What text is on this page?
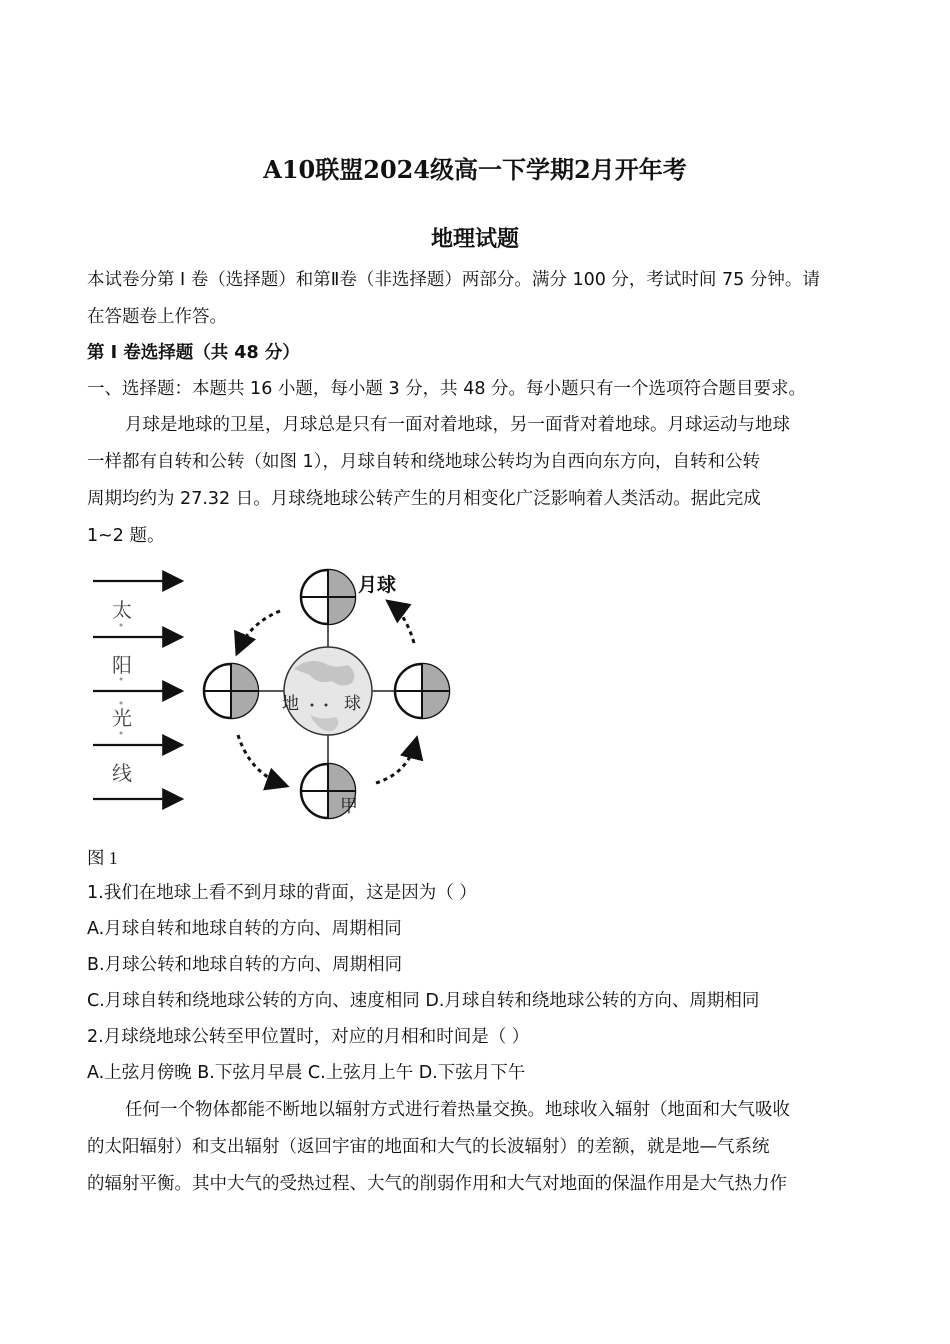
A10联盟2024级高一下学期2月开年考
地理试题
本试卷分第 I 卷（选择题）和第Ⅱ卷（非选择题）两部分。满分 100 分，考试时间 75 分钟。请
在答题卷上作答。
第 I 卷选择题（共 48 分）
一、选择题：本题共 16 小题，每小题 3 分，共 48 分。每小题只有一个选项符合题目要求。
月球是地球的卫星，月球总是只有一面对着地球，另一面背对着地球。月球运动与地球
一样都有自转和公转（如图 1），月球自转和绕地球公转均为自西向东方向，自转和公转
周期均约为 27.32 日。月球绕地球公转产生的月相变化广泛影响着人类活动。据此完成
1~2 题。
太
阳
光
线
地	球
甲
月球
图 1
1.我们在地球上看不到月球的背面，这是因为（ ）
A.月球自转和地球自转的方向、周期相同
B.月球公转和地球自转的方向、周期相同
C.月球自转和绕地球公转的方向、速度相同 D.月球自转和绕地球公转的方向、周期相同
2.月球绕地球公转至甲位置时，对应的月相和时间是（ ）
A.上弦月傍晚 B.下弦月早晨 C.上弦月上午 D.下弦月下午
任何一个物体都能不断地以辐射方式进行着热量交换。地球收入辐射（地面和大气吸收
的太阳辐射）和支出辐射（返回宇宙的地面和大气的长波辐射）的差额，就是地—气系统
的辐射平衡。其中大气的受热过程、大气的削弱作用和大气对地面的保温作用是大气热力作
